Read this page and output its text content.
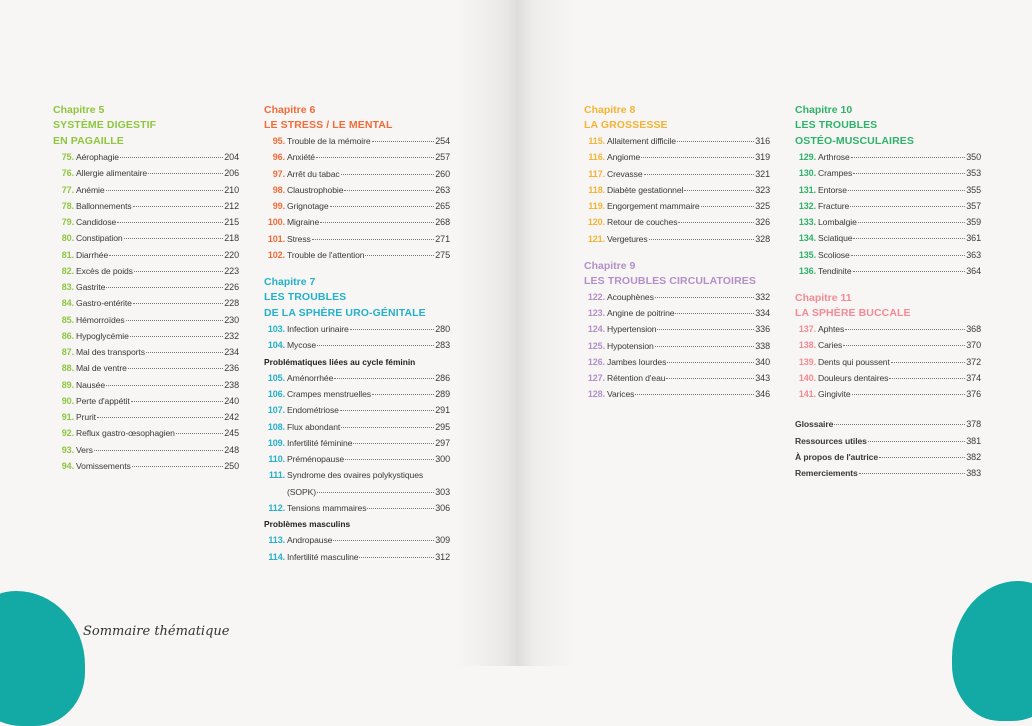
Sommaire thématique
Chapitre 5
SYSTÈME DIGESTIF
EN PAGAILLE
75. Aérophagie	204
76. Allergie alimentaire	206
77. Anémie	210
78. Ballonnements	212
79. Candidose	215
80. Constipation	218
81. Diarrhée	220
82. Excès de poids	223
83. Gastrite	226
84. Gastro-entérite	228
85. Hémorroïdes	230
86. Hypoglycémie	232
87. Mal des transports	234
88. Mal de ventre	236
89. Nausée	238
90. Perte d'appétit	240
91. Prurit	242
92. Reflux gastro-œsophagien	245
93. Vers	248
94. Vomissements	250
Chapitre 6
LE STRESS / LE MENTAL
95. Trouble de la mémoire	254
96. Anxiété	257
97. Arrêt du tabac	260
98. Claustrophobie	263
99. Grignotage	265
100. Migraine	268
101. Stress	271
102. Trouble de l'attention	275
Chapitre 7
LES TROUBLES
DE LA SPHÈRE URO-GÉNITALE
103. Infection urinaire	280
104. Mycose	283
Problématiques liées au cycle féminin
105. Aménorrhée	286
106. Crampes menstruelles	289
107. Endométriose	291
108. Flux abondant	295
109. Infertilité féminine	297
110. Préménopause	300
111. Syndrome des ovaires polykystiques
(SOPK)	303
112. Tensions mammaires	306
Problèmes masculins
113. Andropause	309
114. Infertilité masculine	312
Chapitre 8
LA GROSSESSE
115. Allaitement difficile	316
116. Angiome	319
117. Crevasse	321
118. Diabète gestationnel	323
119. Engorgement mammaire	325
120. Retour de couches	326
121. Vergetures	328
Chapitre 9
LES TROUBLES CIRCULATOIRES
122. Acouphènes	332
123. Angine de poitrine	334
124. Hypertension	336
125. Hypotension	338
126. Jambes lourdes	340
127. Rétention d'eau	343
128. Varices	346
Chapitre 10
LES TROUBLES
OSTÉO-MUSCULAIRES
129. Arthrose	350
130. Crampes	353
131. Entorse	355
132. Fracture	357
133. Lombalgie	359
134. Sciatique	361
135. Scoliose	363
136. Tendinite	364
Chapitre 11
LA SPHÈRE BUCCALE
137. Aphtes	368
138. Caries	370
139. Dents qui poussent	372
140. Douleurs dentaires	374
141. Gingivite	376
Glossaire	378
Ressources utiles	381
À propos de l'autrice	382
Remerciements	383
